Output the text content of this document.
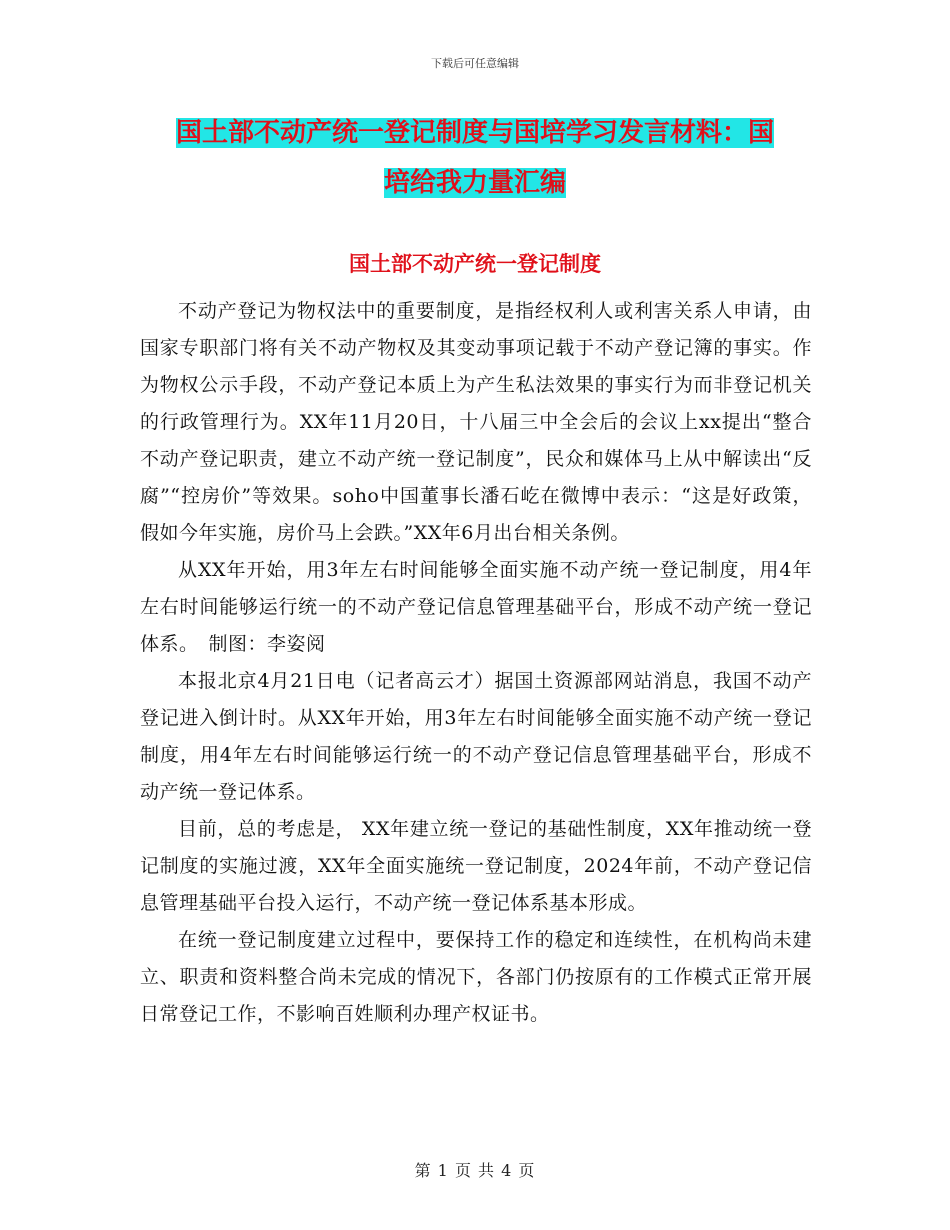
下载后可任意编辑
国土部不动产统一登记制度与国培学习发言材料：国
培给我力量汇编
国土部不动产统一登记制度

不动产登记为物权法中的重要制度，是指经权利人或利害关系人申请，由国家专职部门将有关不动产物权及其变动事项记载于不动产登记簿的事实。作为物权公示手段，不动产登记本质上为产生私法效果的事实行为而非登记机关的行政管理行为。XX年11月20日，十八届三中全会后的会议上xx提出“整合不动产登记职责，建立不动产统一登记制度”，民众和媒体马上从中解读出“反腐”“控房价”等效果。soho中国董事长潘石屹在微博中表示：“这是好政策，假如今年实施，房价马上会跌。”XX年6月出台相关条例。

从XX年开始，用3年左右时间能够全面实施不动产统一登记制度，用4年左右时间能够运行统一的不动产登记信息管理基础平台，形成不动产统一登记体系。　制图：李姿阅

本报北京4月21日电（记者高云才）据国土资源部网站消息，我国不动产登记进入倒计时。从XX年开始，用3年左右时间能够全面实施不动产统一登记制度，用4年左右时间能够运行统一的不动产登记信息管理基础平台，形成不动产统一登记体系。

目前，总的考虑是， XX年建立统一登记的基础性制度，XX年推动统一登记制度的实施过渡，XX年全面实施统一登记制度，2024年前，不动产登记信息管理基础平台投入运行，不动产统一登记体系基本形成。

在统一登记制度建立过程中，要保持工作的稳定和连续性，在机构尚未建立、职责和资料整合尚未完成的情况下，各部门仍按原有的工作模式正常开展日常登记工作，不影响百姓顺利办理产权证书。

第 1 页 共 4 页
